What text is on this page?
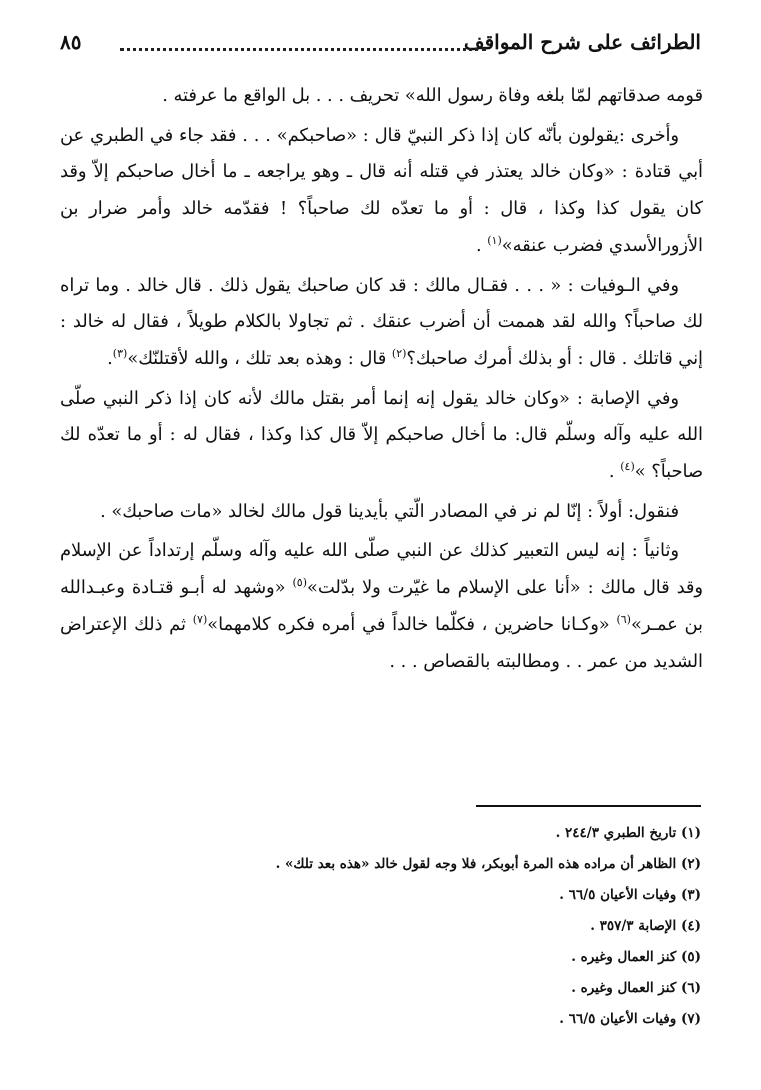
الطرائف على شرح المواقف
٨٥

قومه صدقاتهم لمّا بلغه وفاة رسول الله» تحريف . . . بل الواقع ما عرفته .

وأخرى :يقولون بأنّه كان إذا ذكر النبيّ قال : «صاحبكم» . . . فقد جاء في الطبري عن أبي قتادة : «وكان خالد يعتذر في قتله أنه قال ـ وهو يراجعه ـ ما أخال صاحبكم إلاّ وقد كان يقول كذا وكذا ، قال : أو ما تعدّه لك صاحباً؟ ! فقدّمه خالد وأمر ضرار بن الأزورالأسدي فضرب عنقه»$^{(١)}$ .

وفي الـوفيات : « . . . فقـال مالك : قد كان صاحبك يقول ذلك . قال خالد . وما تراه لك صاحباً؟ والله لقد هممت أن أضرب عنقك . ثم تجاولا بالكلام طويلاً ، فقال له خالد : إني قاتلك . قال : أو بذلك أمرك صاحبك؟$^{(٢)}$ قال : وهذه بعد تلك ، والله لأقتلنّك»$^{(٣)}$.

وفي الإصابة : «وكان خالد يقول إنه إنما أمر بقتل مالك لأنه كان إذا ذكر النبي صلّى الله عليه وآله وسلّم قال: ما أخال صاحبكم إلاّ قال كذا وكذا ، فقال له : أو ما تعدّه لك صاحباً؟ »$^{(٤)}$ .

فنقول: أولاً : إنّا لم نر في المصادر الّتي بأيدينا قول مالك لخالد «مات صاحبك» .

وثانياً : إنه ليس التعبير كذلك عن النبي صلّى الله عليه وآله وسلّم إرتداداً عن الإسلام وقد قال مالك : «أنا على الإسلام ما غيّرت ولا بدّلت»$^{(٥)}$ «وشهد له أبـو قتـادة وعبـدالله بن عمـر»$^{(٦)}$ «وكـانا حاضرين ، فكلّما خالداً في أمره فكره كلامهما»$^{(٧)}$ ثم ذلك الإعتراض الشديد من عمر . . ومطالبته بالقصاص . . .

(١) تاريخ الطبري ٢٤٤/٣ .
(٢) الظاهر أن مراده هذه المرة أبوبكر، فلا وجه لقول خالد «هذه بعد تلك» .
(٣) وفيات الأعيان ٦٦/٥ .
(٤) الإصابة ٣٥٧/٣ .
(٥) كنز العمال وغيره .
(٦) كنز العمال وغيره .
(٧) وفيات الأعيان ٦٦/٥ .
